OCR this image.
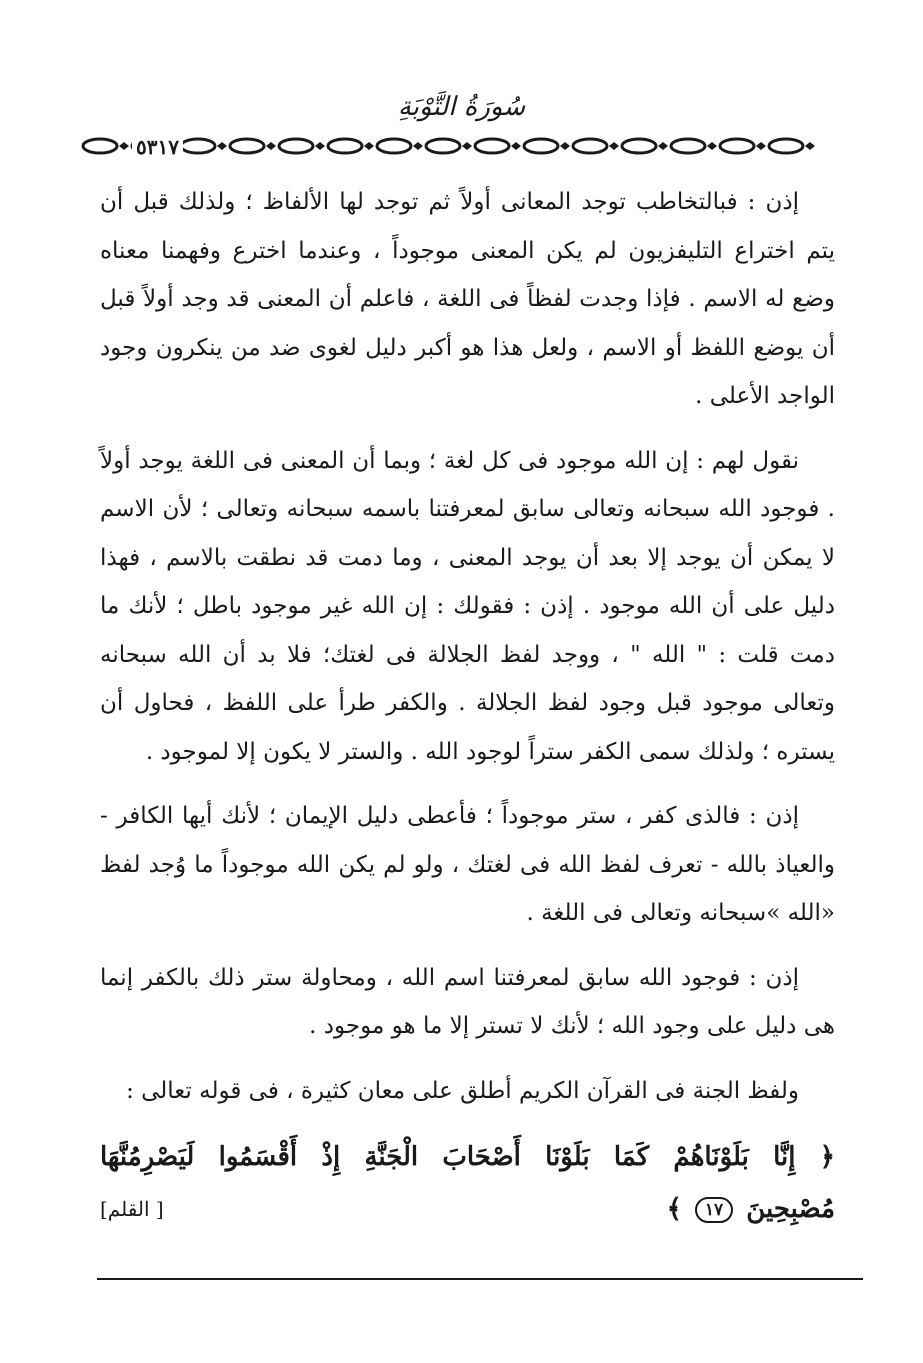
سُورَةُ التَّوْبَةِ
٥٣١٧

إذن : فبالتخاطب توجد المعانى أولاً ثم توجد لها الألفاظ ؛ ولذلك قبل أن يتم اختراع التليفزيون لم يكن المعنى موجوداً ، وعندما اخترع وفهمنا معناه وضع له الاسم . فإذا وجدت لفظاً فى اللغة ، فاعلم أن المعنى قد وجد أولاً قبل أن يوضع اللفظ أو الاسم ، ولعل هذا هو أكبر دليل لغوى ضد من ينكرون وجود الواجد الأعلى .

نقول لهم : إن الله موجود فى كل لغة ؛ وبما أن المعنى فى اللغة يوجد أولاً . فوجود الله سبحانه وتعالى سابق لمعرفتنا باسمه سبحانه وتعالى ؛ لأن الاسم لا يمكن أن يوجد إلا بعد أن يوجد المعنى ، وما دمت قد نطقت بالاسم ، فهذا دليل على أن الله موجود . إذن : فقولك : إن الله غير موجود باطل ؛ لأنك ما دمت قلت : " الله " ، ووجد لفظ الجلالة فى لغتك؛ فلا بد أن الله سبحانه وتعالى موجود قبل وجود لفظ الجلالة . والكفر طرأ على اللفظ ، فحاول أن يستره ؛ ولذلك سمى الكفر ستراً لوجود الله . والستر لا يكون إلا لموجود .

إذن : فالذى كفر ، ستر موجوداً ؛ فأعطى دليل الإيمان ؛ لأنك أيها الكافر - والعياذ بالله - تعرف لفظ الله فى لغتك ، ولو لم يكن الله موجوداً ما وُجد لفظ «الله »سبحانه وتعالى فى اللغة .

إذن : فوجود الله سابق لمعرفتنا اسم الله ، ومحاولة ستر ذلك بالكفر إنما هى دليل على وجود الله ؛ لأنك لا تستر إلا ما هو موجود .

ولفظ الجنة فى القرآن الكريم أطلق على معان كثيرة ، فى قوله تعالى :

﴿ إِنَّا بَلَوْنَاهُمْ كَمَا بَلَوْنَا أَصْحَابَ الْجَنَّةِ إِذْ أَقْسَمُوا لَيَصْرِمُنَّهَا
مُصْبِحِينَ ١٧ ﴾
[ القلم]
